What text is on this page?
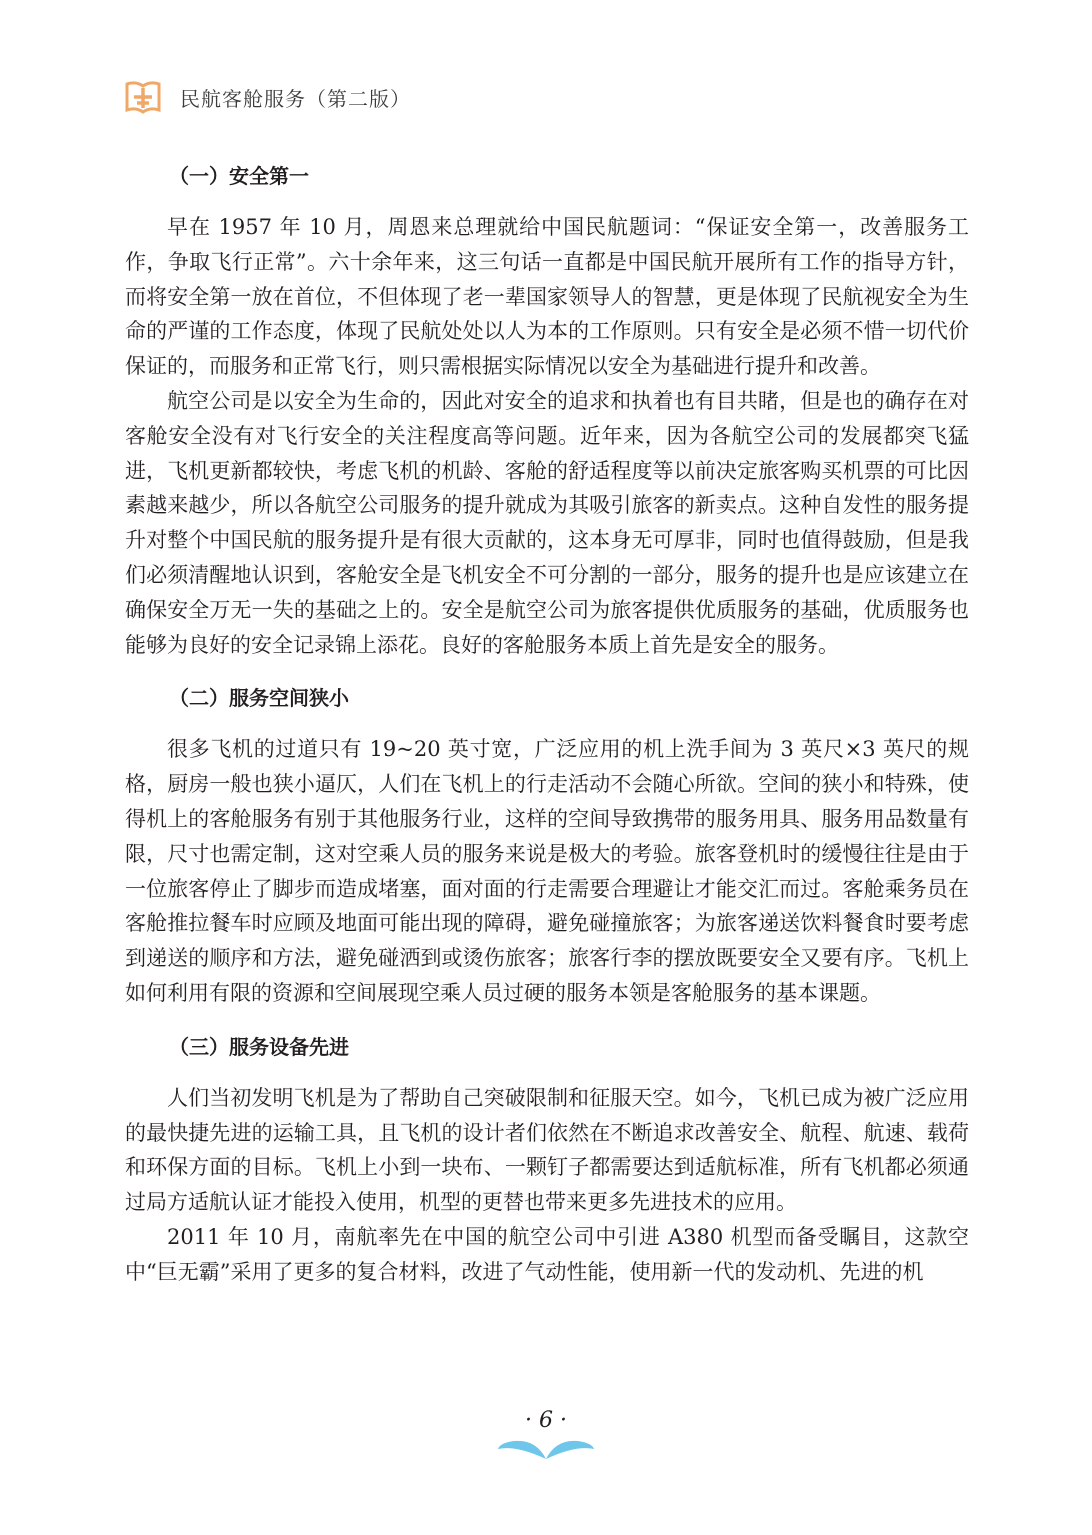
民航客舱服务（第二版）
（一）安全第一

早在 1957 年 10 月，周恩来总理就给中国民航题词：“保证安全第一，改善服务工作，争取飞行正常”。六十余年来，这三句话一直都是中国民航开展所有工作的指导方针，而将安全第一放在首位，不但体现了老一辈国家领导人的智慧，更是体现了民航视安全为生命的严谨的工作态度，体现了民航处处以人为本的工作原则。只有安全是必须不惜一切代价保证的，而服务和正常飞行，则只需根据实际情况以安全为基础进行提升和改善。

航空公司是以安全为生命的，因此对安全的追求和执着也有目共睹，但是也的确存在对客舱安全没有对飞行安全的关注程度高等问题。近年来，因为各航空公司的发展都突飞猛进，飞机更新都较快，考虑飞机的机龄、客舱的舒适程度等以前决定旅客购买机票的可比因素越来越少，所以各航空公司服务的提升就成为其吸引旅客的新卖点。这种自发性的服务提升对整个中国民航的服务提升是有很大贡献的，这本身无可厚非，同时也值得鼓励，但是我们必须清醒地认识到，客舱安全是飞机安全不可分割的一部分，服务的提升也是应该建立在确保安全万无一失的基础之上的。安全是航空公司为旅客提供优质服务的基础，优质服务也能够为良好的安全记录锦上添花。良好的客舱服务本质上首先是安全的服务。

（二）服务空间狭小

很多飞机的过道只有 19~20 英寸宽，广泛应用的机上洗手间为 3 英尺×3 英尺的规格，厨房一般也狭小逼仄，人们在飞机上的行走活动不会随心所欲。空间的狭小和特殊，使得机上的客舱服务有别于其他服务行业，这样的空间导致携带的服务用具、服务用品数量有限，尺寸也需定制，这对空乘人员的服务来说是极大的考验。旅客登机时的缓慢往往是由于一位旅客停止了脚步而造成堵塞，面对面的行走需要合理避让才能交汇而过。客舱乘务员在客舱推拉餐车时应顾及地面可能出现的障碍，避免碰撞旅客；为旅客递送饮料餐食时要考虑到递送的顺序和方法，避免碰洒到或烫伤旅客；旅客行李的摆放既要安全又要有序。飞机上如何利用有限的资源和空间展现空乘人员过硬的服务本领是客舱服务的基本课题。

（三）服务设备先进

人们当初发明飞机是为了帮助自己突破限制和征服天空。如今，飞机已成为被广泛应用的最快捷先进的运输工具，且飞机的设计者们依然在不断追求改善安全、航程、航速、载荷和环保方面的目标。飞机上小到一块布、一颗钉子都需要达到适航标准，所有飞机都必须通过局方适航认证才能投入使用，机型的更替也带来更多先进技术的应用。

2011 年 10 月，南航率先在中国的航空公司中引进 A380 机型而备受瞩目，这款空中“巨无霸”采用了更多的复合材料，改进了气动性能，使用新一代的发动机、先进的机

· 6 ·
